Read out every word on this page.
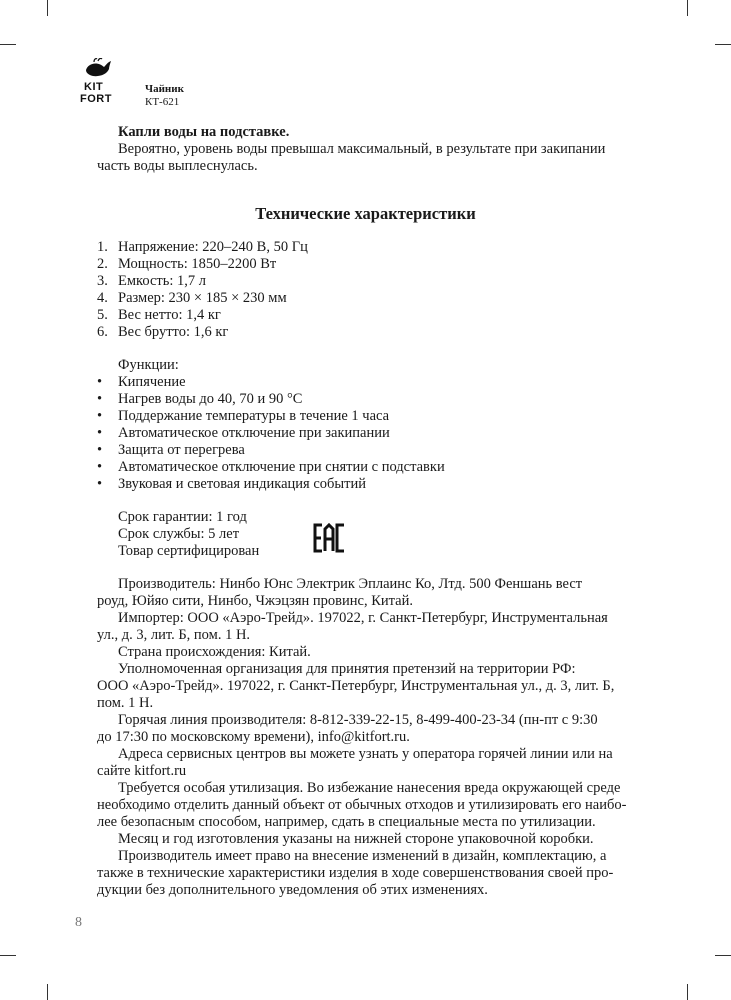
KIT
FORT
Чайник
КТ-621
Капли воды на подставке.
Вероятно, уровень воды превышал максимальный, в результате при закипании
часть воды выплеснулась.
Технические характеристики
1. Напряжение: 220–240 В, 50 Гц
2. Мощность: 1850–2200 Вт
3. Емкость: 1,7 л
4. Размер: 230 × 185 × 230 мм
5. Вес нетто: 1,4 кг
6. Вес брутто: 1,6 кг
Функции:
• Кипячение
• Нагрев воды до 40, 70 и 90 °C
• Поддержание температуры в течение 1 часа
• Автоматическое отключение при закипании
• Защита от перегрева
• Автоматическое отключение при снятии с подставки
• Звуковая и световая индикация событий
Срок гарантии: 1 год
Срок службы: 5 лет
Товар сертифицирован
Производитель: Нинбо Юнс Электрик Эплаинс Ко, Лтд. 500 Феншань вест
роуд, Юйяо сити, Нинбо, Чжэцзян провинс, Китай.
Импортер: ООО «Аэро-Трейд». 197022, г. Санкт-Петербург, Инструментальная
ул., д. 3, лит. Б, пом. 1 Н.
Страна происхождения: Китай.
Уполномоченная организация для принятия претензий на территории РФ:
ООО «Аэро-Трейд». 197022, г. Санкт-Петербург, Инструментальная ул., д. 3, лит. Б,
пом. 1 Н.
Горячая линия производителя: 8-812-339-22-15, 8-499-400-23-34 (пн-пт с 9:30
до 17:30 по московскому времени), info@kitfort.ru.
Адреса сервисных центров вы можете узнать у оператора горячей линии или на
сайте kitfort.ru
Требуется особая утилизация. Во избежание нанесения вреда окружающей среде
необходимо отделить данный объект от обычных отходов и утилизировать его наибо-
лее безопасным способом, например, сдать в специальные места по утилизации.
Месяц и год изготовления указаны на нижней стороне упаковочной коробки.
Производитель имеет право на внесение изменений в дизайн, комплектацию, а
также в технические характеристики изделия в ходе совершенствования своей про-
дукции без дополнительного уведомления об этих изменениях.
8
